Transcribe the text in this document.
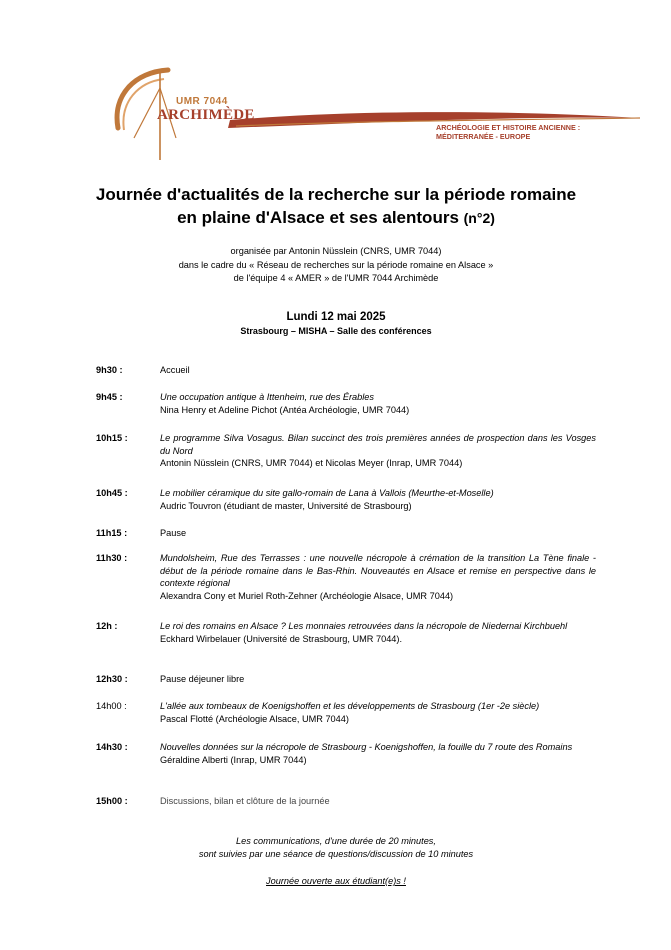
UMR 7044
ARCHIMÈDE
ARCHÉOLOGIE ET HISTOIRE ANCIENNE :
MÉDITERRANÉE - EUROPE
Journée d'actualités de la recherche sur la période romaine
en plaine d'Alsace et ses alentours (n°2)
organisée par Antonin Nüsslein (CNRS, UMR 7044)
dans le cadre du « Réseau de recherches sur la période romaine en Alsace »
de l'équipe 4 « AMER » de l'UMR 7044 Archimède
Lundi 12 mai 2025
Strasbourg – MISHA – Salle des conférences
9h30 :	Accueil
9h45 :	Une occupation antique à Ittenheim, rue des Érables
Nina Henry et Adeline Pichot (Antéa Archéologie, UMR 7044)
10h15 :	Le programme Silva Vosagus. Bilan succinct des trois premières années de prospection dans les Vosges du Nord
Antonin Nüsslein (CNRS, UMR 7044) et Nicolas Meyer (Inrap, UMR 7044)
10h45 :	Le mobilier céramique du site gallo-romain de Lana à Vallois (Meurthe-et-Moselle)
Audric Touvron (étudiant de master, Université de Strasbourg)
11h15 :	Pause
11h30 :	Mundolsheim, Rue des Terrasses : une nouvelle nécropole à crémation de la transition La Tène finale - début de la période romaine dans le Bas-Rhin. Nouveautés en Alsace et remise en perspective dans le contexte régional
Alexandra Cony et Muriel Roth-Zehner (Archéologie Alsace, UMR 7044)
12h :	Le roi des romains en Alsace ? Les monnaies retrouvées dans la nécropole de Niedernai Kirchbuehl
Eckhard Wirbelauer (Université de Strasbourg, UMR 7044).
12h30 :	Pause déjeuner libre
14h00 :	L'allée aux tombeaux de Koenigshoffen et les développements de Strasbourg (1er -2e siècle)
Pascal Flotté (Archéologie Alsace, UMR 7044)
14h30 :	Nouvelles données sur la nécropole de Strasbourg - Koenigshoffen, la fouille du 7 route des Romains
Géraldine Alberti (Inrap, UMR 7044)
15h00 :	Discussions, bilan et clôture de la journée
Les communications, d'une durée de 20 minutes,
sont suivies par une séance de questions/discussion de 10 minutes
Journée ouverte aux étudiant(e)s !
